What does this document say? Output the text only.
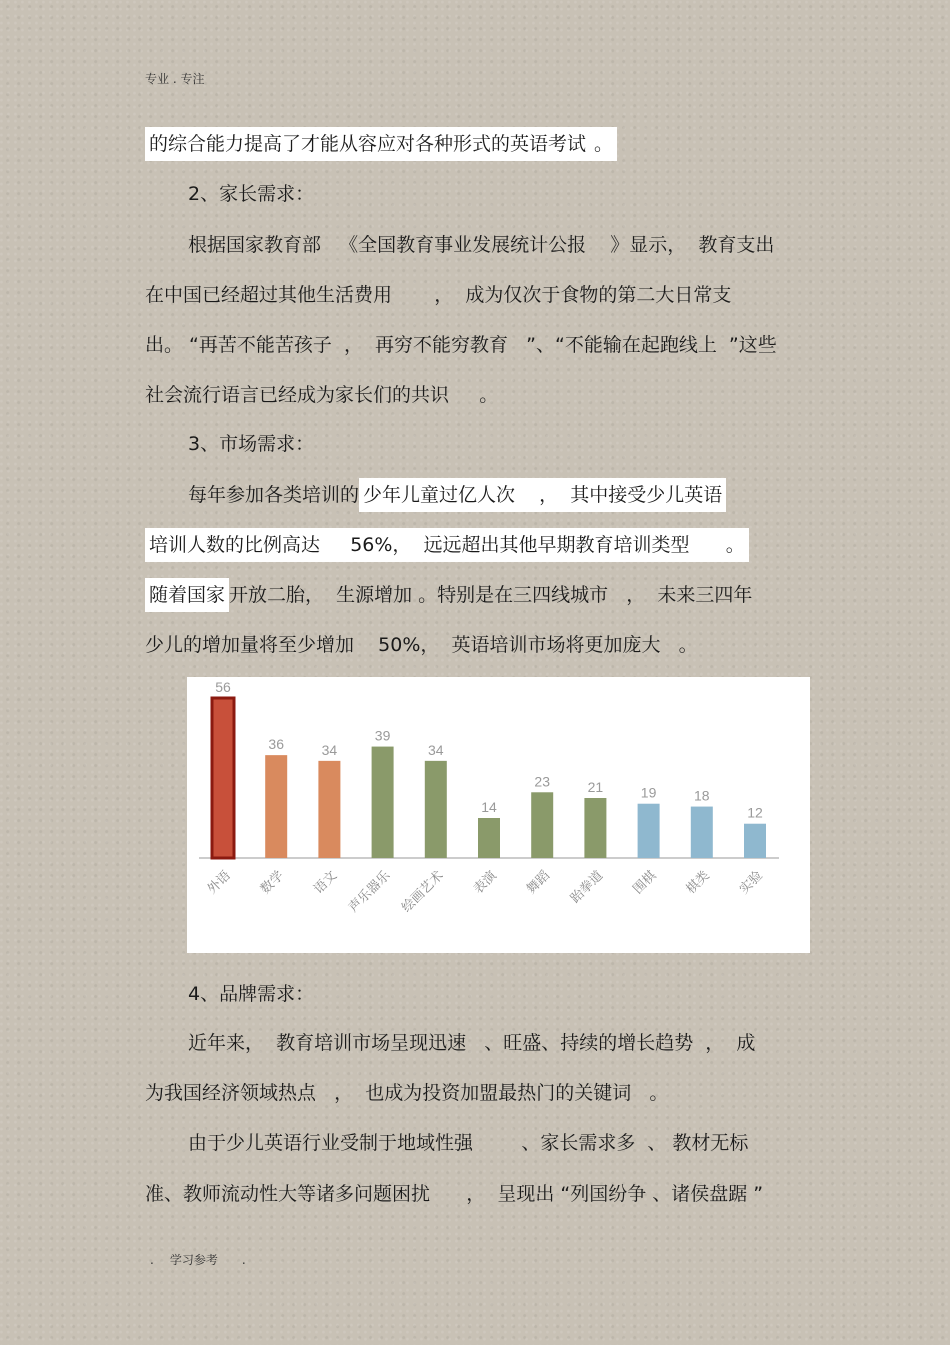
专业 . 专注
的综合能力提高了才能从容应对各种形式的英语考试 。
2、家长需求：
根据国家教育部   《全国教育事业发展统计公报    》显示，  教育支出
在中国已经超过其他生活费用       ，  成为仅次于食物的第二大日常支
出。 “再苦不能苦孩子  ，  再穷不能穷教育   ”、“不能输在起跑线上  ”这些
社会流行语言已经成为家长们的共识     。
3、市场需求：
每年参加各类培训的 少年儿童过亿人次    ，  其中接受少儿英语
培训人数的比例高达     56%，  远远超出其他早期教育培训类型      。
随着国家 开放二胎，  生源增加 。特别是在三四线城市   ，  未来三四年
少儿的增加量将至少增加    50%，  英语培训市场将更加庞大   。
56
外语
36
数学
34
语文
39
声乐器乐
34
绘画艺术
14
表演
23
舞蹈
21
跆拳道
19
围棋
18
棋类
12
实验
4、品牌需求：
近年来，  教育培训市场呈现迅速   、旺盛、持续的增长趋势  ，  成
为我国经济领域热点   ，  也成为投资加盟最热门的关键词   。
由于少儿英语行业受制于地域性强        、家长需求多  、 教材无标
准、教师流动性大等诸多问题困扰      ，  呈现出 “列国纷争 、诸侯盘踞 ”
. 学习参考 .
